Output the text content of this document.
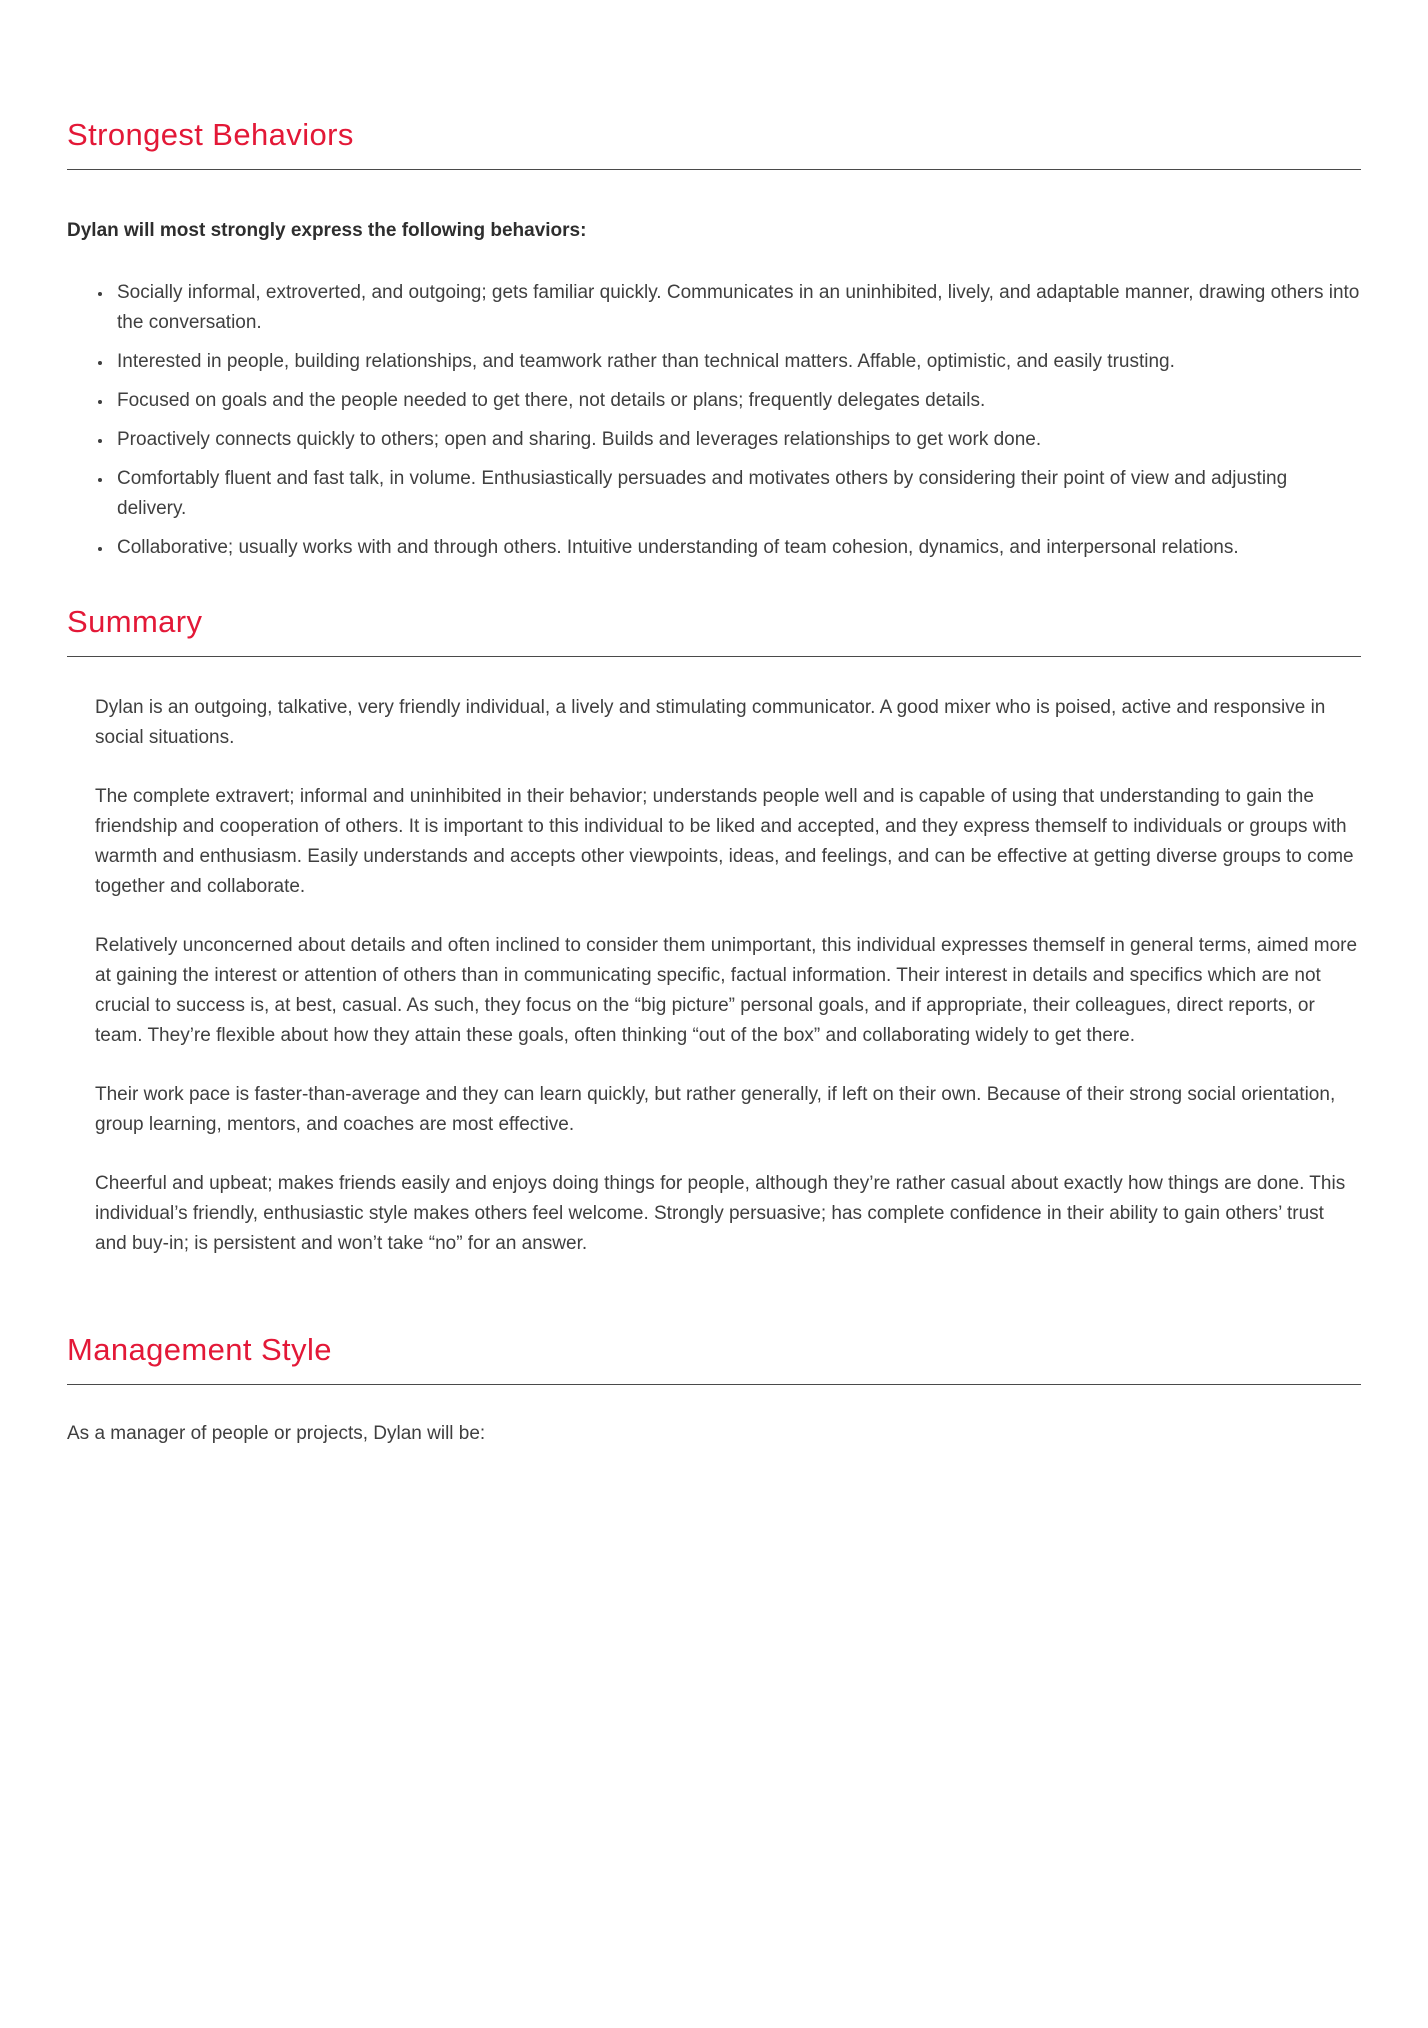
Strongest Behaviors

Dylan will most strongly express the following behaviors:

• Socially informal, extroverted, and outgoing; gets familiar quickly. Communicates in an uninhibited, lively, and adaptable manner, drawing others into the conversation.
• Interested in people, building relationships, and teamwork rather than technical matters. Affable, optimistic, and easily trusting.
• Focused on goals and the people needed to get there, not details or plans; frequently delegates details.
• Proactively connects quickly to others; open and sharing. Builds and leverages relationships to get work done.
• Comfortably fluent and fast talk, in volume. Enthusiastically persuades and motivates others by considering their point of view and adjusting delivery.
• Collaborative; usually works with and through others. Intuitive understanding of team cohesion, dynamics, and interpersonal relations.
Summary

Dylan is an outgoing, talkative, very friendly individual, a lively and stimulating communicator. A good mixer who is poised, active and responsive in social situations.

The complete extravert; informal and uninhibited in their behavior; understands people well and is capable of using that understanding to gain the friendship and cooperation of others. It is important to this individual to be liked and accepted, and they express themself to individuals or groups with warmth and enthusiasm. Easily understands and accepts other viewpoints, ideas, and feelings, and can be effective at getting diverse groups to come together and collaborate.

Relatively unconcerned about details and often inclined to consider them unimportant, this individual expresses themself in general terms, aimed more at gaining the interest or attention of others than in communicating specific, factual information. Their interest in details and specifics which are not crucial to success is, at best, casual. As such, they focus on the “big picture” personal goals, and if appropriate, their colleagues, direct reports, or team. They’re flexible about how they attain these goals, often thinking “out of the box” and collaborating widely to get there.

Their work pace is faster-than-average and they can learn quickly, but rather generally, if left on their own. Because of their strong social orientation, group learning, mentors, and coaches are most effective.

Cheerful and upbeat; makes friends easily and enjoys doing things for people, although they’re rather casual about exactly how things are done. This individual’s friendly, enthusiastic style makes others feel welcome. Strongly persuasive; has complete confidence in their ability to gain others’ trust and buy-in; is persistent and won’t take “no” for an answer.

Management Style

As a manager of people or projects, Dylan will be:
